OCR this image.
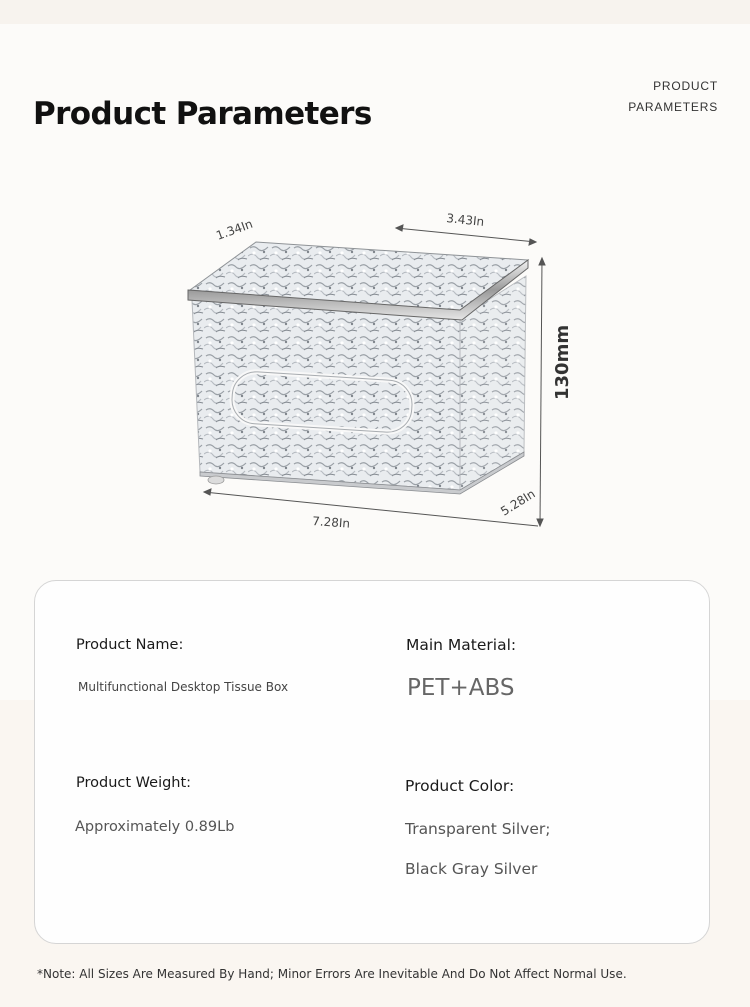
Product Parameters
PRODUCT
PARAMETERS
1.34In	3.43In
130mm
7.28In
5.28In
Product Name:
Multifunctional Desktop Tissue Box
Main Material:
PET+ABS
Product Weight:
Approximately 0.89Lb
Product Color:
Transparent Silver;
Black Gray Silver
*Note: All Sizes Are Measured By Hand; Minor Errors Are Inevitable And Do Not Affect Normal Use.
